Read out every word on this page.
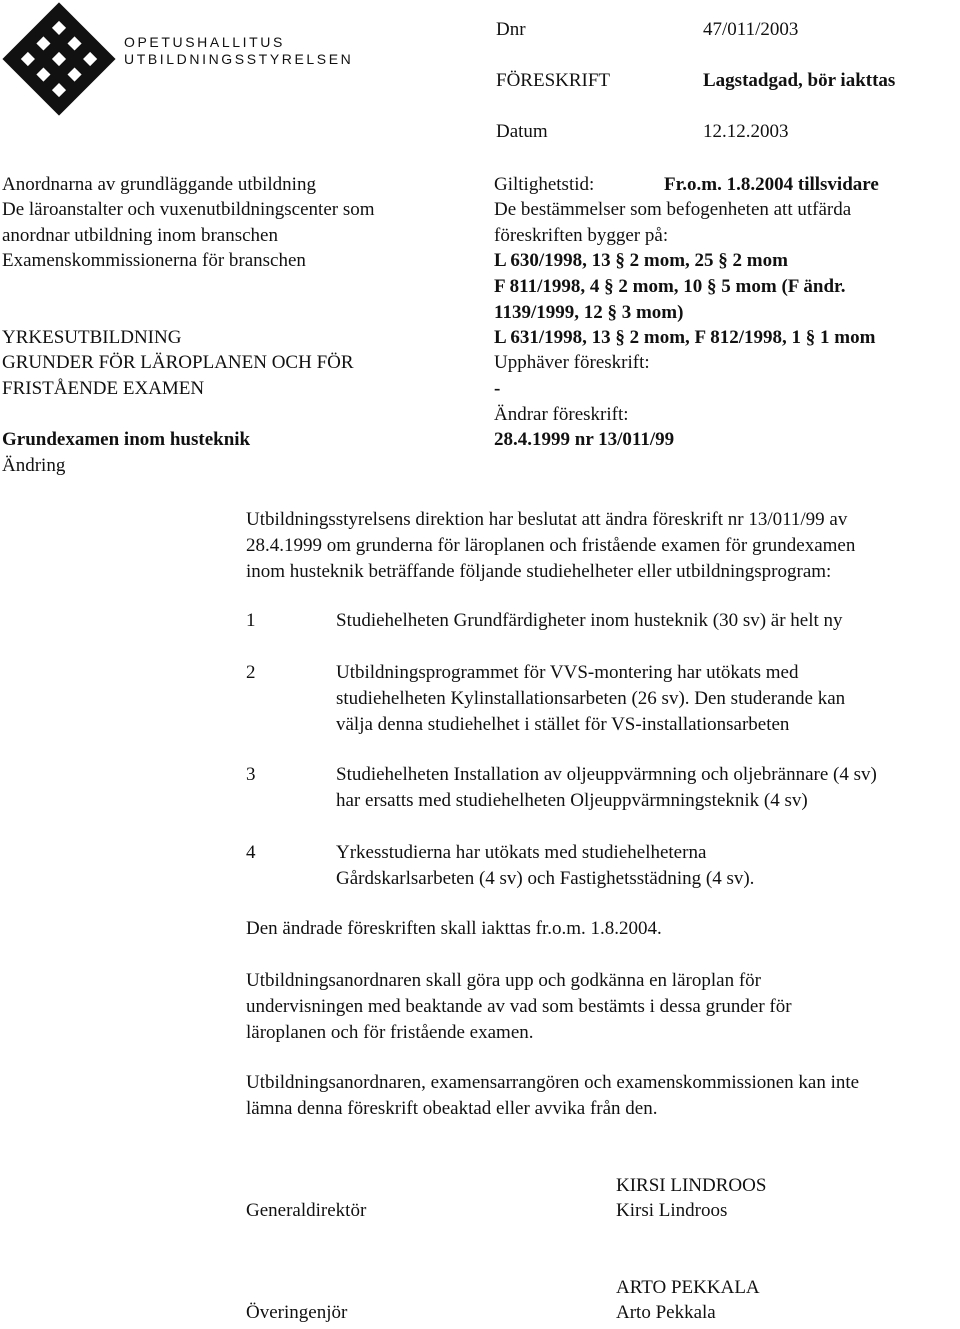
OPETUSHALLITUS
UTBILDNINGSSTYRELSEN
Dnr	47/011/2003
FÖRESKRIFT	Lagstadgad, bör iakttas
Datum	12.12.2003
Anordnarna av grundläggande utbildning
De läroanstalter och vuxenutbildningscenter som
anordnar utbildning inom branschen
Examenskommissionerna för branschen
YRKESUTBILDNING
GRUNDER FÖR LÄROPLANEN OCH FÖR
FRISTÅENDE EXAMEN
Grundexamen inom husteknik
Ändring
Giltighetstid:	Fr.o.m. 1.8.2004 tillsvidare
De bestämmelser som befogenheten att utfärda
föreskriften bygger på:
L 630/1998, 13 § 2 mom, 25 § 2 mom
F 811/1998, 4 § 2 mom, 10 § 5 mom (F ändr.
1139/1999, 12 § 3 mom)
L 631/1998, 13 § 2 mom, F 812/1998, 1 § 1 mom
Upphäver föreskrift:
-
Ändrar föreskrift:
28.4.1999 nr 13/011/99
Utbildningsstyrelsens direktion har beslutat att ändra föreskrift nr 13/011/99 av
28.4.1999 om grunderna för läroplanen och fristående examen för grundexamen
inom husteknik beträffande följande studiehelheter eller utbildningsprogram:
1	Studiehelheten Grundfärdigheter inom husteknik (30 sv) är helt ny
2	Utbildningsprogrammet för VVS-montering har utökats med
studiehelheten Kylinstallationsarbeten (26 sv). Den studerande kan
välja denna studiehelhet i stället för VS-installationsarbeten
3	Studiehelheten Installation av oljeuppvärmning och oljebrännare (4 sv)
har ersatts med studiehelheten Oljeuppvärmningsteknik (4 sv)
4	Yrkesstudierna har utökats med studiehelheterna
Gårdskarlsarbeten (4 sv) och Fastighetsstädning (4 sv).
Den ändrade föreskriften skall iakttas fr.o.m. 1.8.2004.
Utbildningsanordnaren skall göra upp och godkänna en läroplan för
undervisningen med beaktande av vad som bestämts i dessa grunder för
läroplanen och för fristående examen.
Utbildningsanordnaren, examensarrangören och examenskommissionen kan inte
lämna denna föreskrift obeaktad eller avvika från den.
KIRSI LINDROOS
Generaldirektör	Kirsi Lindroos
ARTO PEKKALA
Överingenjör	Arto Pekkala
